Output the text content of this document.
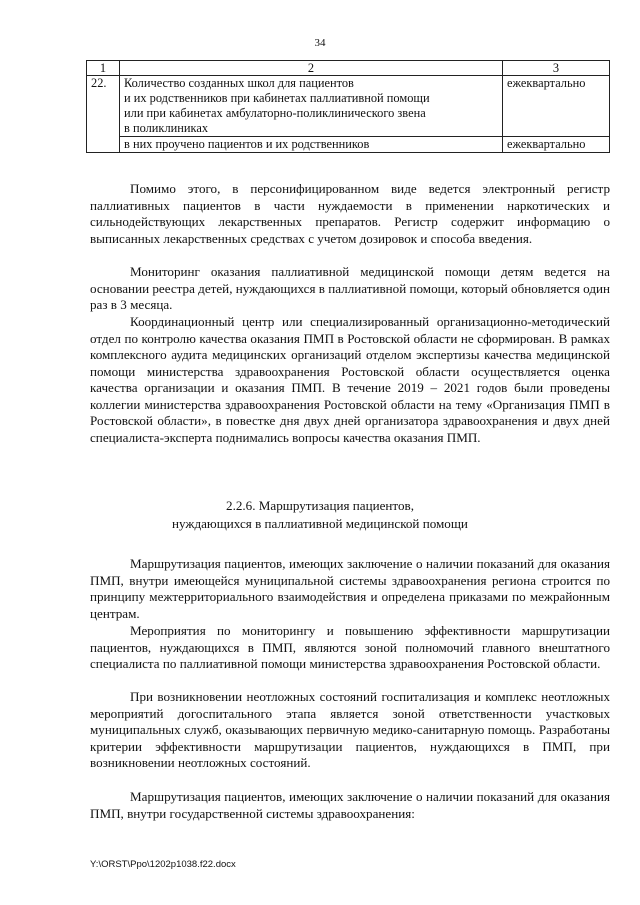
34
1	2	3
22.	Количество созданных школ для пациентов
и их родственников при кабинетах паллиативной помощи
или при кабинетах амбулаторно-поликлинического звена
в поликлиниках	ежеквартально

	в них проучено пациентов и их родственников	ежеквартально

Помимо этого, в персонифицированном виде ведется электронный регистр паллиативных пациентов в части нуждаемости в применении наркотических и сильнодействующих лекарственных препаратов. Регистр содержит информацию о выписанных лекарственных средствах с учетом дозировок и способа введения.

Мониторинг оказания паллиативной медицинской помощи детям ведется на основании реестра детей, нуждающихся в паллиативной помощи, который обновляется один раз в 3 месяца.

Координационный центр или специализированный организационно-методический отдел по контролю качества оказания ПМП в Ростовской области не сформирован. В рамках комплексного аудита медицинских организаций отделом экспертизы качества медицинской помощи министерства здравоохранения Ростовской области осуществляется оценка качества организации и оказания ПМП. В течение 2019 – 2021 годов были проведены коллегии министерства здравоохранения Ростовской области на тему «Организация ПМП в Ростовской области», в повестке дня двух дней организатора здравоохранения и двух дней специалиста-эксперта поднимались вопросы качества оказания ПМП.

2.2.6. Маршрутизация пациентов,

нуждающихся в паллиативной медицинской помощи

Маршрутизация пациентов, имеющих заключение о наличии показаний для оказания ПМП, внутри имеющейся муниципальной системы здравоохранения региона строится по принципу межтерриториального взаимодействия и определена приказами по межрайонным центрам.

Мероприятия по мониторингу и повышению эффективности маршрутизации пациентов, нуждающихся в ПМП, являются зоной полномочий главного внештатного специалиста по паллиативной помощи министерства здравоохранения Ростовской области.

При возникновении неотложных состояний госпитализация и комплекс неотложных мероприятий догоспитального этапа является зоной ответственности участковых муниципальных служб, оказывающих первичную медико-санитарную помощь. Разработаны критерии эффективности маршрутизации пациентов, нуждающихся в ПМП, при возникновении неотложных состояний.

Маршрутизация пациентов, имеющих заключение о наличии показаний для оказания ПМП, внутри государственной системы здравоохранения:

Y:\ORST\Ppo\1202p1038.f22.docx
